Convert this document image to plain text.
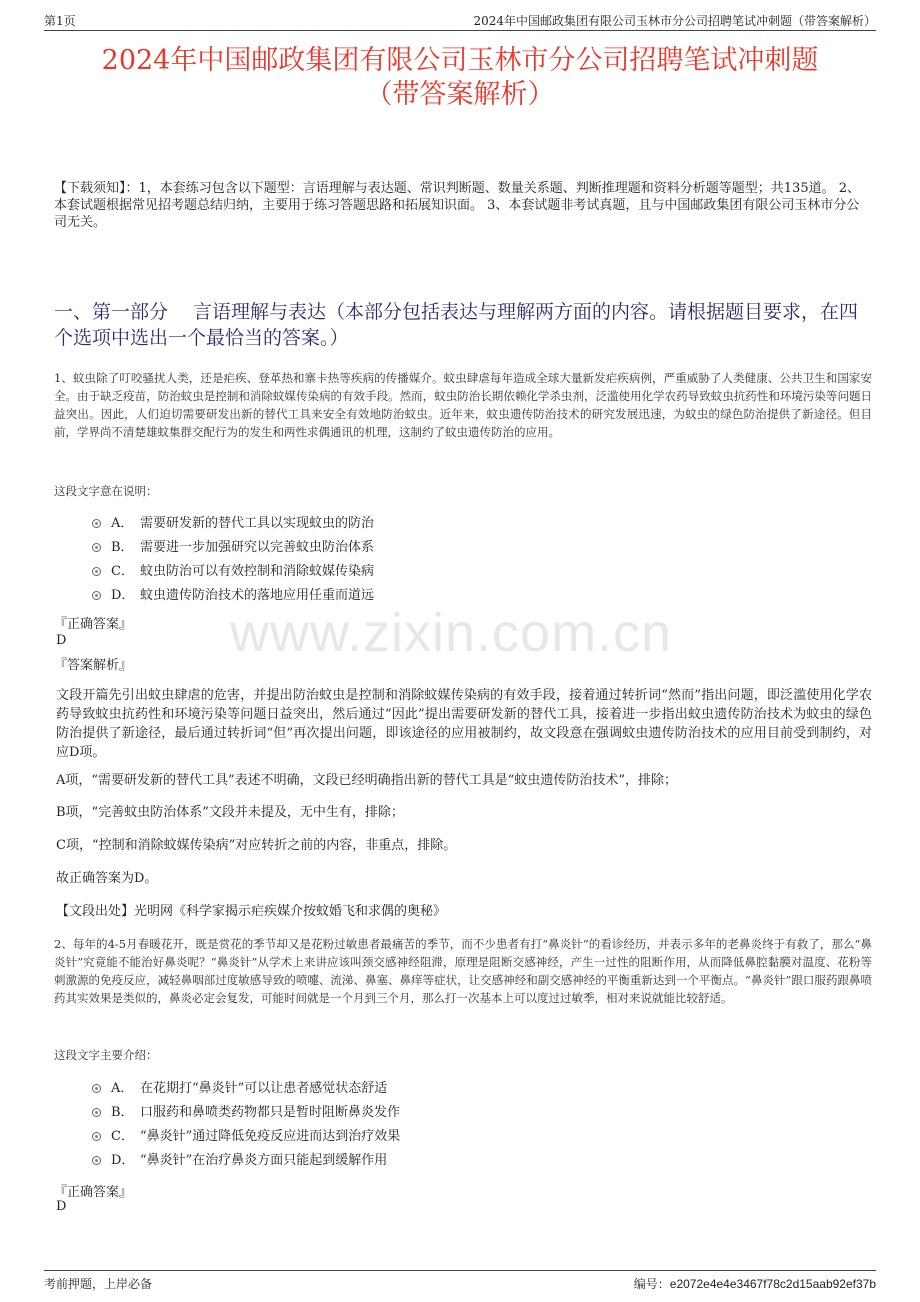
第1页	2024年中国邮政集团有限公司玉林市分公司招聘笔试冲刺题（带答案解析）
2024年中国邮政集团有限公司玉林市分公司招聘笔试冲刺题
（带答案解析）
【下载须知】：1，本套练习包含以下题型：言语理解与表达题、常识判断题、数量关系题、判断推理题和资料分析题等题型；共135道。 2、本套试题根据常见招考题总结归纳，主要用于练习答题思路和拓展知识面。 3、本套试题非考试真题，且与中国邮政集团有限公司玉林市分公司无关。
一、第一部分　 言语理解与表达（本部分包括表达与理解两方面的内容。请根据题目要求，在四个选项中选出一个最恰当的答案。）
1、蚊虫除了叮咬骚扰人类，还是疟疾、登革热和寨卡热等疾病的传播媒介。蚊虫肆虐每年造成全球大量新发疟疾病例，严重威胁了人类健康、公共卫生和国家安全。由于缺乏疫苗，防治蚊虫是控制和消除蚊媒传染病的有效手段。然而，蚊虫防治长期依赖化学杀虫剂，泛滥使用化学农药导致蚊虫抗药性和环境污染等问题日益突出。因此，人们迫切需要研发出新的替代工具来安全有效地防治蚊虫。近年来，蚊虫遗传防治技术的研究发展迅速，为蚊虫的绿色防治提供了新途径。但目前，学界尚不清楚雄蚊集群交配行为的发生和两性求偶通讯的机理，这制约了蚊虫遗传防治的应用。
这段文字意在说明：
A． 需要研发新的替代工具以实现蚊虫的防治
B． 需要进一步加强研究以完善蚊虫防治体系
C． 蚊虫防治可以有效控制和消除蚊媒传染病
D． 蚊虫遗传防治技术的落地应用任重而道远
『正确答案』
D
『答案解析』
文段开篇先引出蚊虫肆虐的危害，并提出防治蚊虫是控制和消除蚊媒传染病的有效手段，接着通过转折词“然而”指出问题，即泛滥使用化学农药导致蚊虫抗药性和环境污染等问题日益突出，然后通过“因此”提出需要研发新的替代工具，接着进一步指出蚊虫遗传防治技术为蚊虫的绿色防治提供了新途径，最后通过转折词“但”再次提出问题，即该途径的应用被制约，故文段意在强调蚊虫遗传防治技术的应用目前受到制约，对应D项。
A项，“需要研发新的替代工具”表述不明确，文段已经明确指出新的替代工具是“蚊虫遗传防治技术”，排除；
B项，“完善蚊虫防治体系”文段并未提及，无中生有，排除；
C项，“控制和消除蚊媒传染病”对应转折之前的内容，非重点，排除。
故正确答案为D。
【文段出处】光明网《科学家揭示疟疾媒介按蚊婚飞和求偶的奥秘》
2、每年的4-5月春暖花开，既是赏花的季节却又是花粉过敏患者最痛苦的季节，而不少患者有打“鼻炎针”的看诊经历，并表示多年的老鼻炎终于有救了，那么“鼻炎针”究竟能不能治好鼻炎呢？“鼻炎针”从学术上来讲应该叫颈交感神经阻滞，原理是阻断交感神经，产生一过性的阻断作用，从而降低鼻腔黏膜对温度、花粉等刺激源的免疫反应，减轻鼻咽部过度敏感导致的喷嚏、流涕、鼻塞、鼻痒等症状，让交感神经和副交感神经的平衡重新达到一个平衡点。“鼻炎针”跟口服药跟鼻喷药其实效果是类似的，鼻炎必定会复发，可能时间就是一个月到三个月，那么打一次基本上可以度过过敏季，相对来说就能比较舒适。
这段文字主要介绍：
A． 在花期打“鼻炎针”可以让患者感觉状态舒适
B． 口服药和鼻喷类药物都只是暂时阻断鼻炎发作
C． “鼻炎针”通过降低免疫反应进而达到治疗效果
D． “鼻炎针”在治疗鼻炎方面只能起到缓解作用
『正确答案』
D
www.zixin.com.cn
考前押题，上岸必备	编号：e2072e4e4e3467f78c2d15aab92ef37b
